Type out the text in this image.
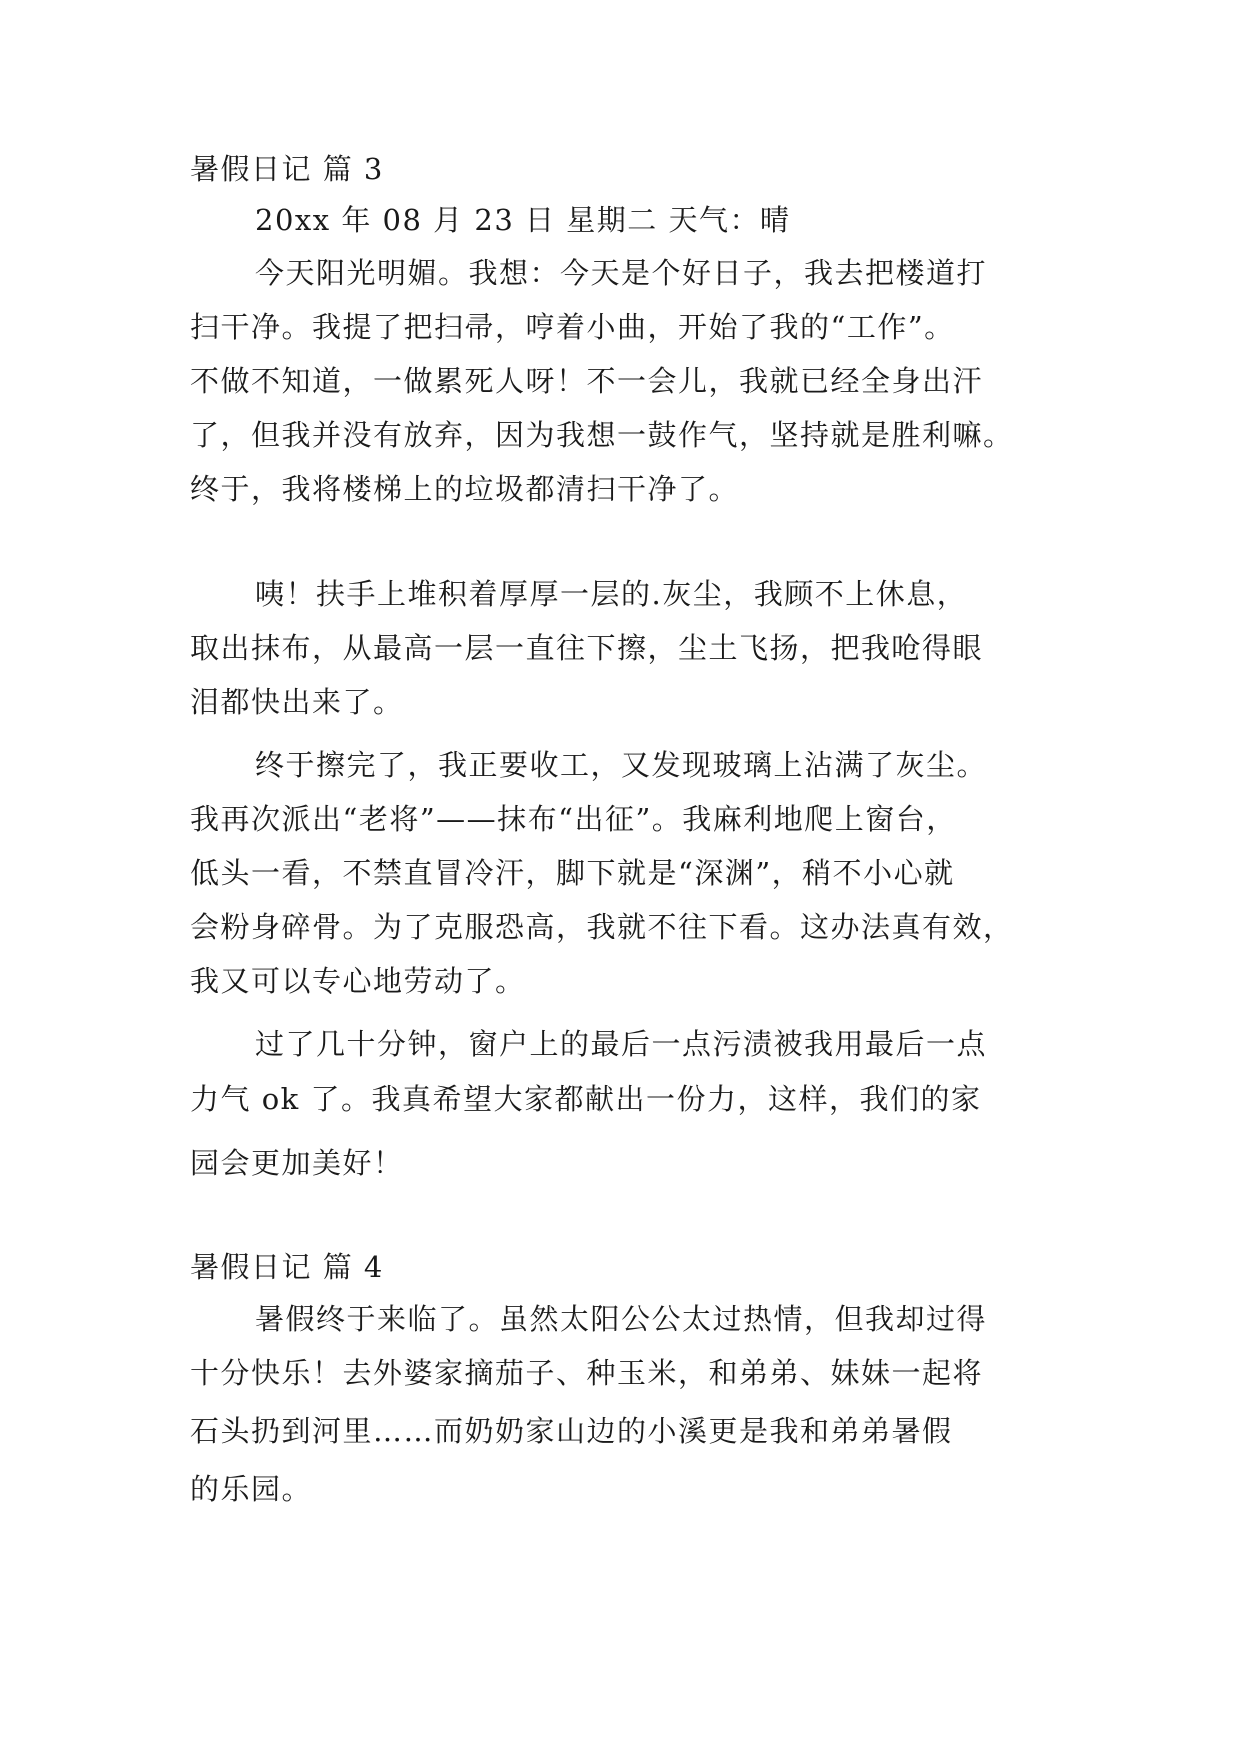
暑假日记 篇 3
20xx 年 08 月 23 日 星期二 天气：晴
今天阳光明媚。我想：今天是个好日子，我去把楼道打
扫干净。我提了把扫帚，哼着小曲，开始了我的“工作”。
不做不知道，一做累死人呀！不一会儿，我就已经全身出汗
了，但我并没有放弃，因为我想一鼓作气，坚持就是胜利嘛。
终于，我将楼梯上的垃圾都清扫干净了。
咦！扶手上堆积着厚厚一层的.灰尘，我顾不上休息，
取出抹布，从最高一层一直往下擦，尘土飞扬，把我呛得眼
泪都快出来了。
终于擦完了，我正要收工，又发现玻璃上沾满了灰尘。
我再次派出“老将”——抹布“出征”。我麻利地爬上窗台，
低头一看，不禁直冒冷汗，脚下就是“深渊”，稍不小心就
会粉身碎骨。为了克服恐高，我就不往下看。这办法真有效，
我又可以专心地劳动了。
过了几十分钟，窗户上的最后一点污渍被我用最后一点
力气 ok 了。我真希望大家都献出一份力，这样，我们的家
园会更加美好！
暑假日记 篇 4
暑假终于来临了。虽然太阳公公太过热情，但我却过得
十分快乐！去外婆家摘茄子、种玉米，和弟弟、妹妹一起将
石头扔到河里……而奶奶家山边的小溪更是我和弟弟暑假
的乐园。
